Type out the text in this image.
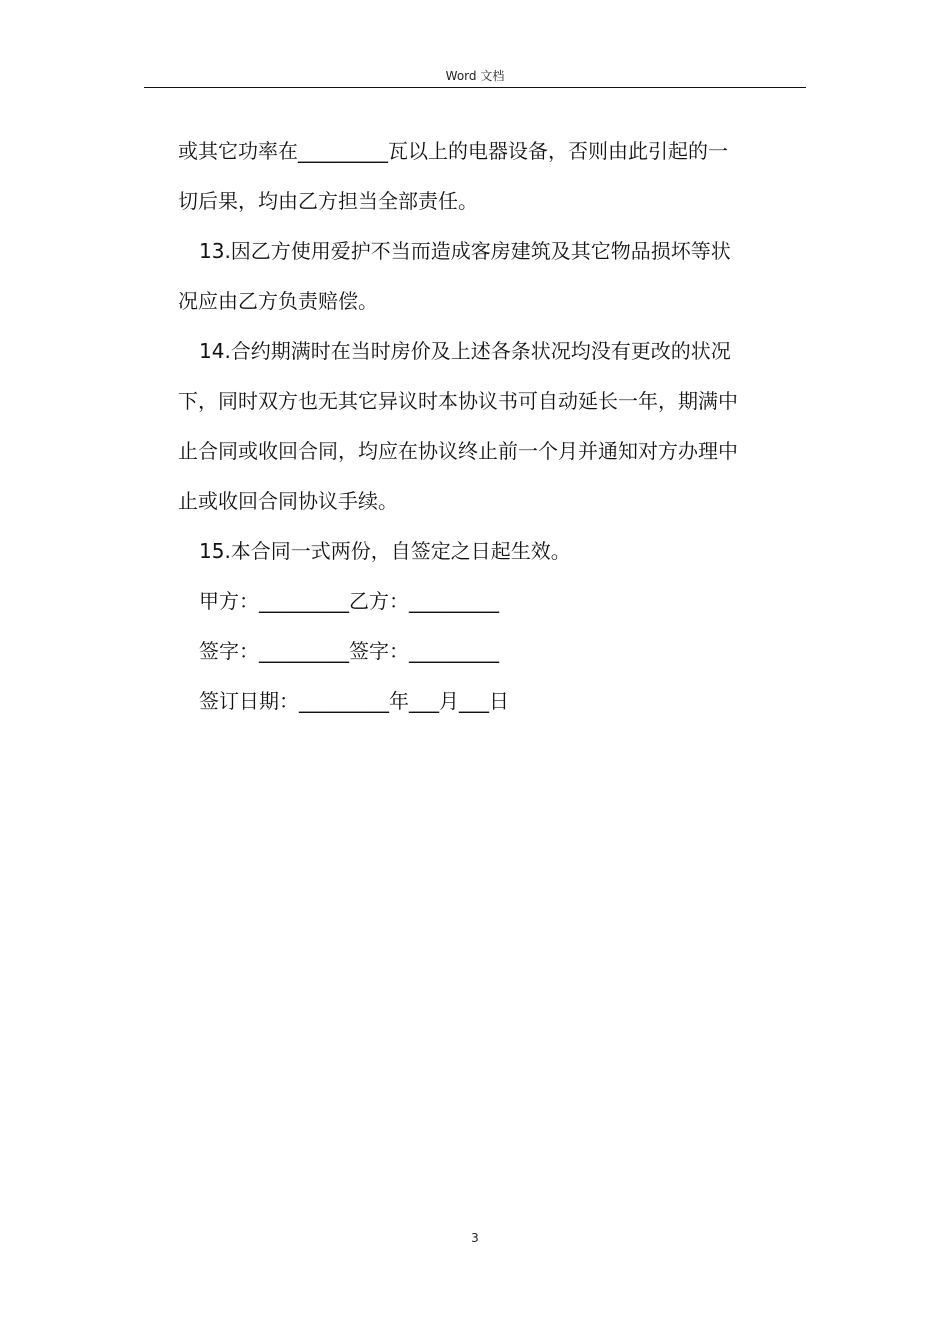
Word 文档

或其它功率在_________瓦以上的电器设备，否则由此引起的一

切后果，均由乙方担当全部责任。

13.因乙方使用爱护不当而造成客房建筑及其它物品损坏等状

况应由乙方负责赔偿。

14.合约期满时在当时房价及上述各条状况均没有更改的状况

下，同时双方也无其它异议时本协议书可自动延长一年，期满中

止合同或收回合同，均应在协议终止前一个月并通知对方办理中

止或收回合同协议手续。

15.本合同一式两份，自签定之日起生效。

甲方：_________乙方：_________

签字：_________签字：_________

签订日期：_________年___月___日

3
